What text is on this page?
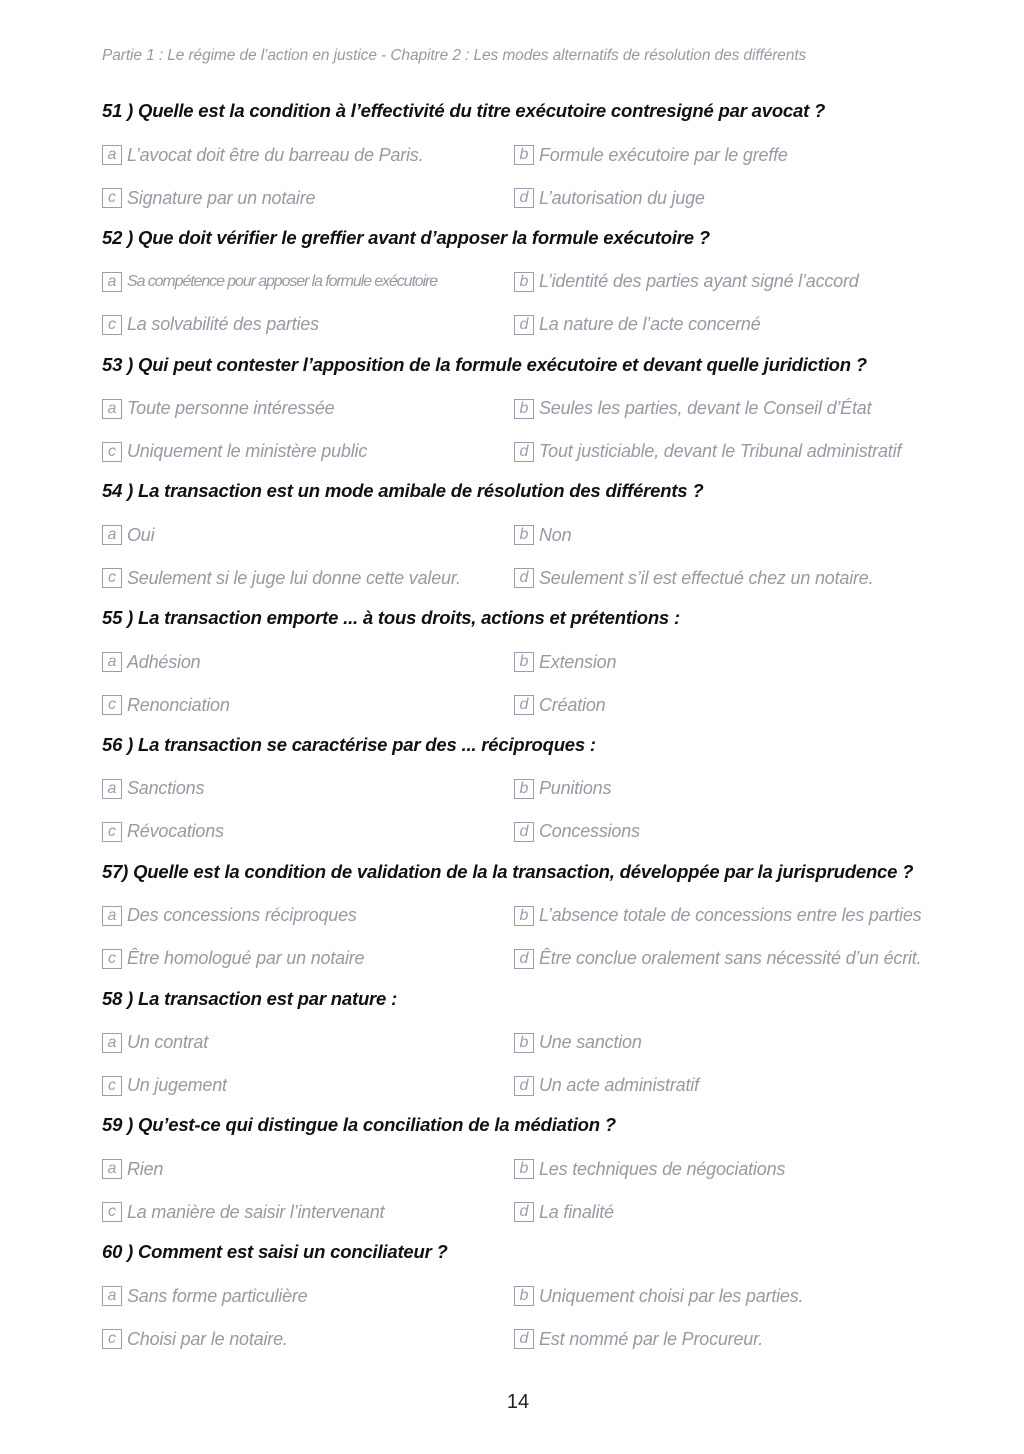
Partie 1 : Le régime de l’action en justice - Chapitre 2 : Les modes alternatifs de résolution des différents
51 ) Quelle est la condition à l’effectivité du titre exécutoire contresigné par avocat ?
a L’avocat doit être du barreau de Paris.	b Formule exécutoire par le greffe
c Signature par un notaire	d L’autorisation du juge
52 ) Que doit vérifier le greffier avant d’apposer la formule exécutoire ?
a Sa compétence pour apposer la formule exécutoire	b L’identité des parties ayant signé l’accord
c La solvabilité des parties	d La nature de l’acte concerné
53 ) Qui peut contester l’apposition de la formule exécutoire et devant quelle juridiction ?
a Toute personne intéressée	b Seules les parties, devant le Conseil d’État
c Uniquement le ministère public	d Tout justiciable, devant le Tribunal administratif
54 ) La transaction est un mode amibale de résolution des différents ?
a Oui	b Non
c Seulement si le juge lui donne cette valeur.	d Seulement s’il est effectué chez un notaire.
55 ) La transaction emporte ... à tous droits, actions et prétentions :
a Adhésion	b Extension
c Renonciation	d Création
56 ) La transaction se caractérise par des ... réciproques :
a Sanctions	b Punitions
c Révocations	d Concessions
57) Quelle est la condition de validation de la la transaction, développée par la jurisprudence ?
a Des concessions réciproques	b L’absence totale de concessions entre les parties
c Être homologué par un notaire	d Être conclue oralement sans nécessité d’un écrit.
58 ) La transaction est par nature :
a Un contrat	b Une sanction
c Un jugement	d Un acte administratif
59 ) Qu’est-ce qui distingue la conciliation de la médiation ?
a Rien	b Les techniques de négociations
c La manière de saisir l’intervenant	d La finalité
60 ) Comment est saisi un conciliateur ?
a Sans forme particulière	b Uniquement choisi par les parties.
c Choisi par le notaire.	d Est nommé par le Procureur.
14
